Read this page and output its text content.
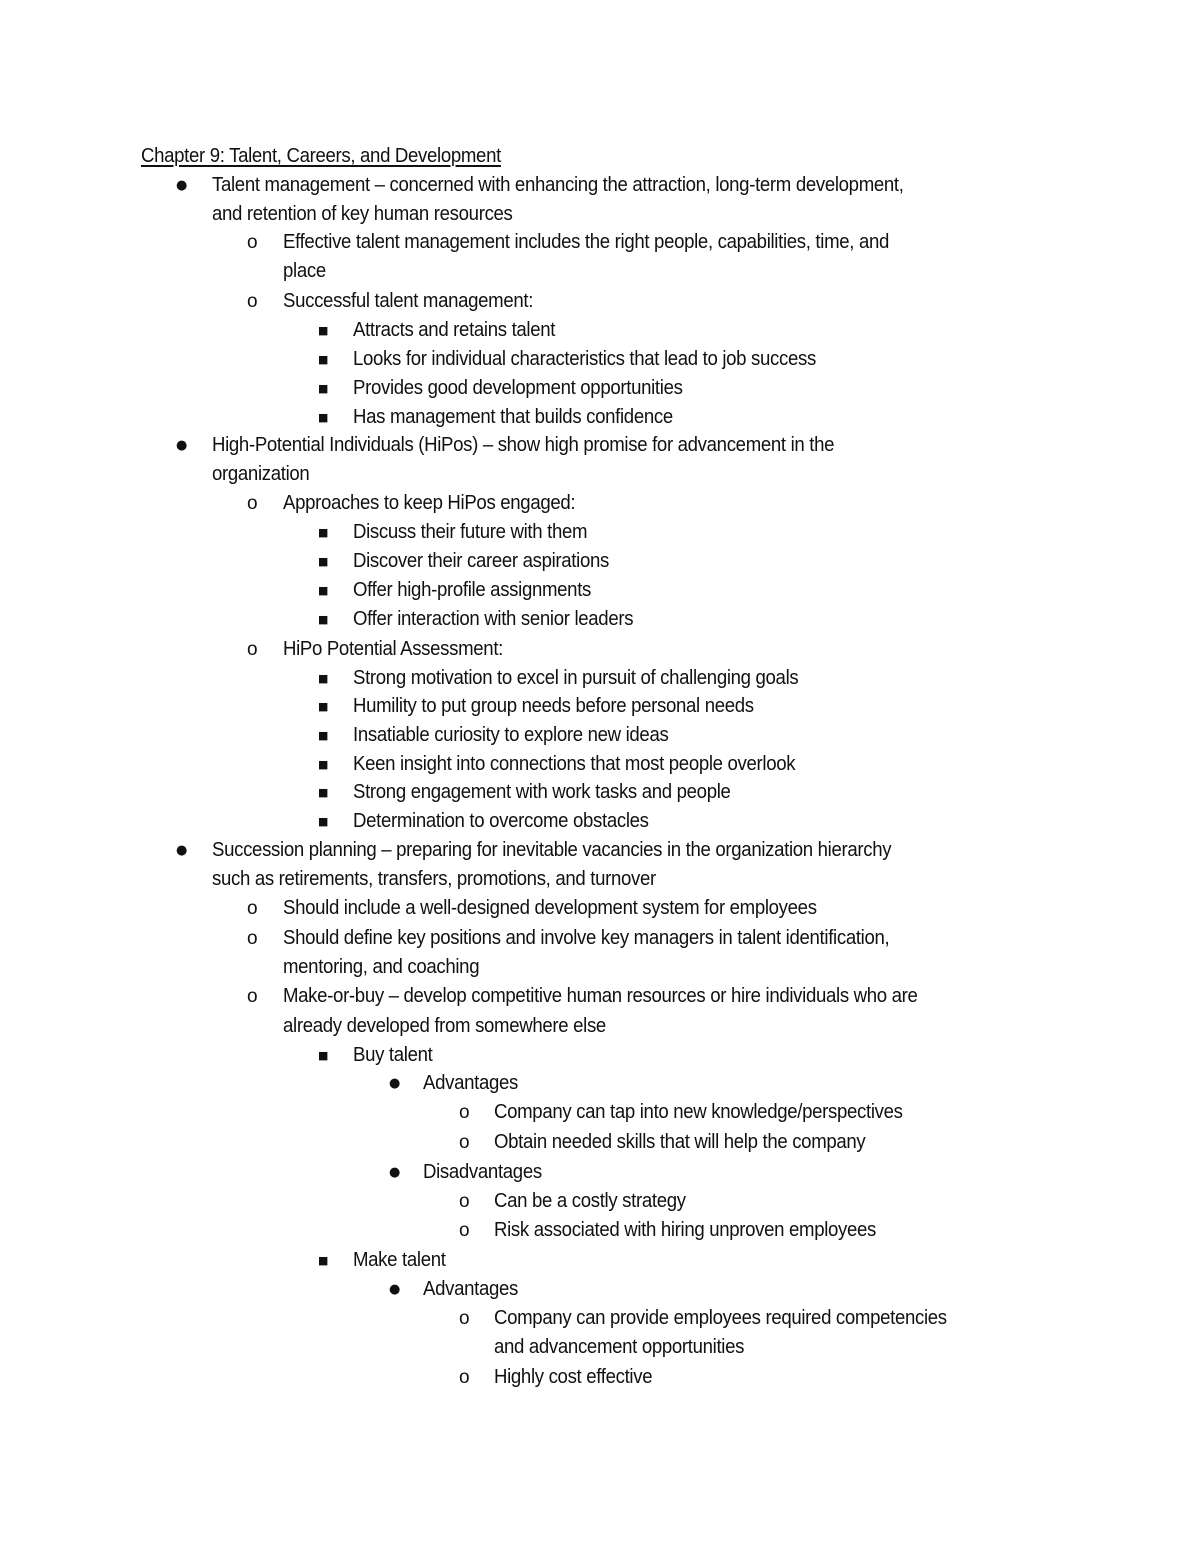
Chapter 9: Talent, Careers, and Development
● Talent management – concerned with enhancing the attraction, long-term development,
and retention of key human resources
o Effective talent management includes the right people, capabilities, time, and
place
o Successful talent management:
■ Attracts and retains talent
■ Looks for individual characteristics that lead to job success
■ Provides good development opportunities
■ Has management that builds confidence
● High-Potential Individuals (HiPos) – show high promise for advancement in the
organization
o Approaches to keep HiPos engaged:
■ Discuss their future with them
■ Discover their career aspirations
■ Offer high-profile assignments
■ Offer interaction with senior leaders
o HiPo Potential Assessment:
■ Strong motivation to excel in pursuit of challenging goals
■ Humility to put group needs before personal needs
■ Insatiable curiosity to explore new ideas
■ Keen insight into connections that most people overlook
■ Strong engagement with work tasks and people
■ Determination to overcome obstacles
● Succession planning – preparing for inevitable vacancies in the organization hierarchy
such as retirements, transfers, promotions, and turnover
o Should include a well-designed development system for employees
o Should define key positions and involve key managers in talent identification,
mentoring, and coaching
o Make-or-buy – develop competitive human resources or hire individuals who are
already developed from somewhere else
■ Buy talent
● Advantages
o Company can tap into new knowledge/perspectives
o Obtain needed skills that will help the company
● Disadvantages
o Can be a costly strategy
o Risk associated with hiring unproven employees
■ Make talent
● Advantages
o Company can provide employees required competencies
and advancement opportunities
o Highly cost effective
